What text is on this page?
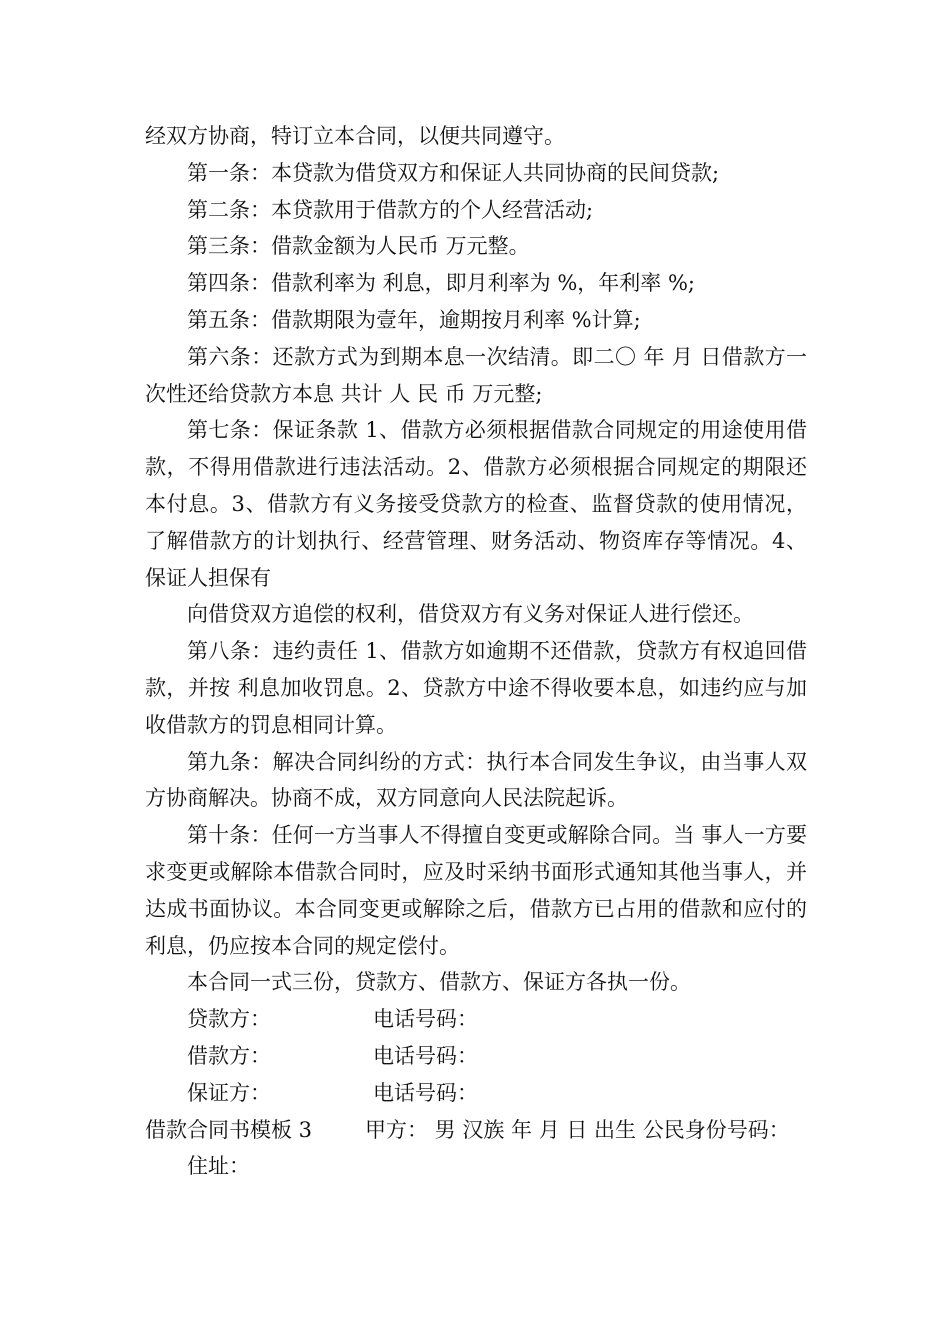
经双方协商，特订立本合同，以便共同遵守。

第一条：本贷款为借贷双方和保证人共同协商的民间贷款;

第二条：本贷款用于借款方的个人经营活动;

第三条：借款金额为人民币 万元整。

第四条：借款利率为 利息，即月利率为 %，年利率 %;

第五条：借款期限为壹年，逾期按月利率 %计算;

第六条：还款方式为到期本息一次结清。即二〇 年 月 日借款方一次性还给贷款方本息 共计 人 民 币 万元整;

第七条：保证条款 1、借款方必须根据借款合同规定的用途使用借款，不得用借款进行违法活动。2、借款方必须根据合同规定的期限还本付息。3、借款方有义务接受贷款方的检查、监督贷款的使用情况，了解借款方的计划执行、经营管理、财务活动、物资库存等情况。4、保证人担保有

向借贷双方追偿的权利，借贷双方有义务对保证人进行偿还。

第八条：违约责任 1、借款方如逾期不还借款，贷款方有权追回借款，并按 利息加收罚息。2、贷款方中途不得收要本息，如违约应与加收借款方的罚息相同计算。

第九条：解决合同纠纷的方式：执行本合同发生争议，由当事人双方协商解决。协商不成，双方同意向人民法院起诉。

第十条：任何一方当事人不得擅自变更或解除合同。当 事人一方要求变更或解除本借款合同时，应及时采纳书面形式通知其他当事人，并达成书面协议。本合同变更或解除之后，借款方已占用的借款和应付的利息，仍应按本合同的规定偿付。

本合同一式三份，贷款方、借款方、保证方各执一份。

贷款方：	电话号码：
借款方：	电话号码：
保证方：	电话号码：
借款合同书模板 3	甲方： 男 汉族 年 月 日 出生 公民身份号码：

住址：
